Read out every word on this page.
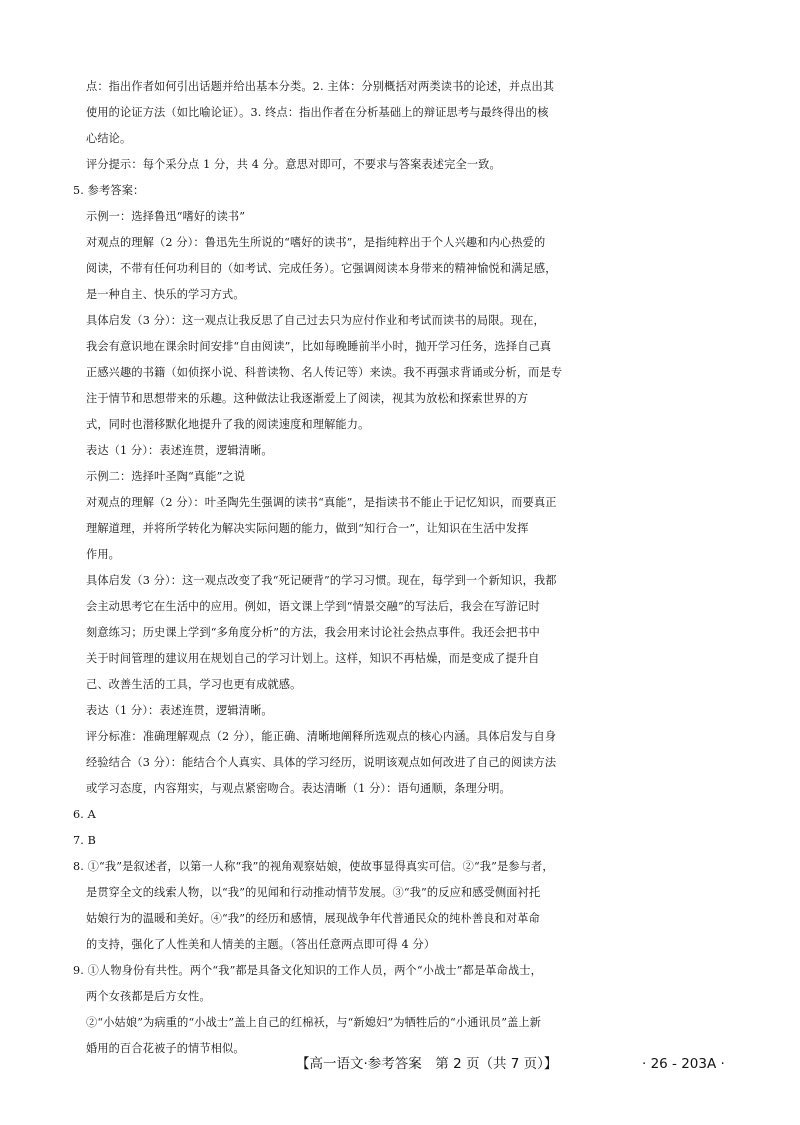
点：指出作者如何引出话题并给出基本分类。2. 主体：分别概括对两类读书的论述，并点出其
使用的论证方法（如比喻论证）。3. 终点：指出作者在分析基础上的辩证思考与最终得出的核
心结论。
评分提示：每个采分点 1 分，共 4 分。意思对即可，不要求与答案表述完全一致。
5. 参考答案：
示例一：选择鲁迅“嗜好的读书”
对观点的理解（2 分）：鲁迅先生所说的“嗜好的读书”，是指纯粹出于个人兴趣和内心热爱的
阅读，不带有任何功利目的（如考试、完成任务）。它强调阅读本身带来的精神愉悦和满足感，
是一种自主、快乐的学习方式。
具体启发（3 分）：这一观点让我反思了自己过去只为应付作业和考试而读书的局限。现在，
我会有意识地在课余时间安排“自由阅读”，比如每晚睡前半小时，抛开学习任务，选择自己真
正感兴趣的书籍（如侦探小说、科普读物、名人传记等）来读。我不再强求背诵或分析，而是专
注于情节和思想带来的乐趣。这种做法让我逐渐爱上了阅读，视其为放松和探索世界的方
式，同时也潜移默化地提升了我的阅读速度和理解能力。
表达（1 分）：表述连贯，逻辑清晰。
示例二：选择叶圣陶“真能”之说
对观点的理解（2 分）：叶圣陶先生强调的读书“真能”，是指读书不能止于记忆知识，而要真正
理解道理，并将所学转化为解决实际问题的能力，做到“知行合一”，让知识在生活中发挥
作用。
具体启发（3 分）：这一观点改变了我“死记硬背”的学习习惯。现在，每学到一个新知识，我都
会主动思考它在生活中的应用。例如，语文课上学到“情景交融”的写法后，我会在写游记时
刻意练习；历史课上学到“多角度分析”的方法，我会用来讨论社会热点事件。我还会把书中
关于时间管理的建议用在规划自己的学习计划上。这样，知识不再枯燥，而是变成了提升自
己、改善生活的工具，学习也更有成就感。
表达（1 分）：表述连贯，逻辑清晰。
评分标准：准确理解观点（2 分），能正确、清晰地阐释所选观点的核心内涵。具体启发与自身
经验结合（3 分）：能结合个人真实、具体的学习经历，说明该观点如何改进了自己的阅读方法
或学习态度，内容翔实，与观点紧密吻合。表达清晰（1 分）：语句通顺，条理分明。
6. A
7. B
8. ①“我”是叙述者，以第一人称“我”的视角观察姑娘，使故事显得真实可信。②“我”是参与者，
是贯穿全文的线索人物，以“我”的见闻和行动推动情节发展。③“我”的反应和感受侧面衬托
姑娘行为的温暖和美好。④“我”的经历和感情，展现战争年代普通民众的纯朴善良和对革命
的支持，强化了人性美和人情美的主题。（答出任意两点即可得 4 分）
9. ①人物身份有共性。两个“我”都是具备文化知识的工作人员，两个“小战士”都是革命战士，
两个女孩都是后方女性。
②“小姑娘”为病重的“小战士”盖上自己的红棉袄，与“新媳妇”为牺牲后的“小通讯员”盖上新
婚用的百合花被子的情节相似。
【高一语文·参考答案　第 2 页（共 7 页）】	· 26 - 203A ·
